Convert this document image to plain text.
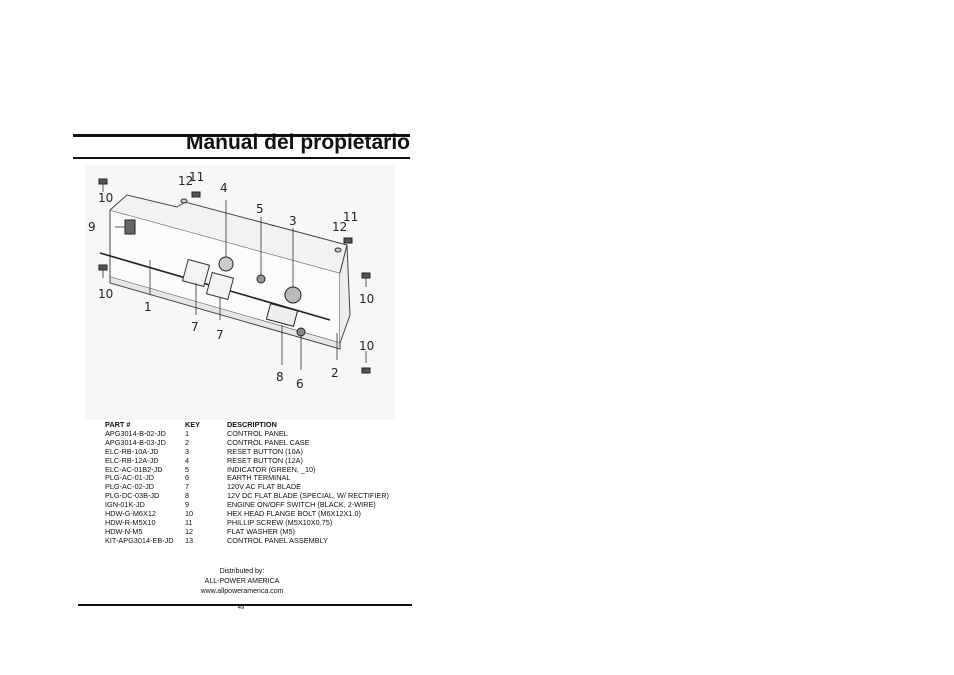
Manual del propietario
10
12
11
4
5
3	11
12
9
10
1
7
7
8 6
2
10
10
PART #	KEY	DESCRIPTION
APG3014-B-02-JD	1	CONTROL PANEL
APG3014-B-03-JD	2	CONTROL PANEL CASE
ELC-RB-10A-JD	3	RESET BUTTON (10A)
ELC-RB-12A-JD	4	RESET BUTTON (12A)
ELC-AC-01B2-JD	5	INDICATOR (GREEN, _10)
PLG-AC-01-JD	6	EARTH TERMINAL
PLG-AC-02-JD	7	120V AC FLAT BLADE
PLG-DC-03B-JD	8	12V DC FLAT BLADE (SPECIAL, W/ RECTIFIER)
IGN-01K-JD	9	ENGINE ON/OFF SWITCH (BLACK, 2-WIRE)
HDW-G-M6X12	10	HEX HEAD FLANGE BOLT (M6X12X1.0)
HDW-R-M5X10	11	PHILLIP SCREW (M5X10X0.75)
HDW-N-M5	12	FLAT WASHER (M5)
KIT-APG3014-EB-JD	13	CONTROL PANEL ASSEMBLY
Distributed by:
ALL-POWER AMERICA
www.allpoweramerica.com
49
